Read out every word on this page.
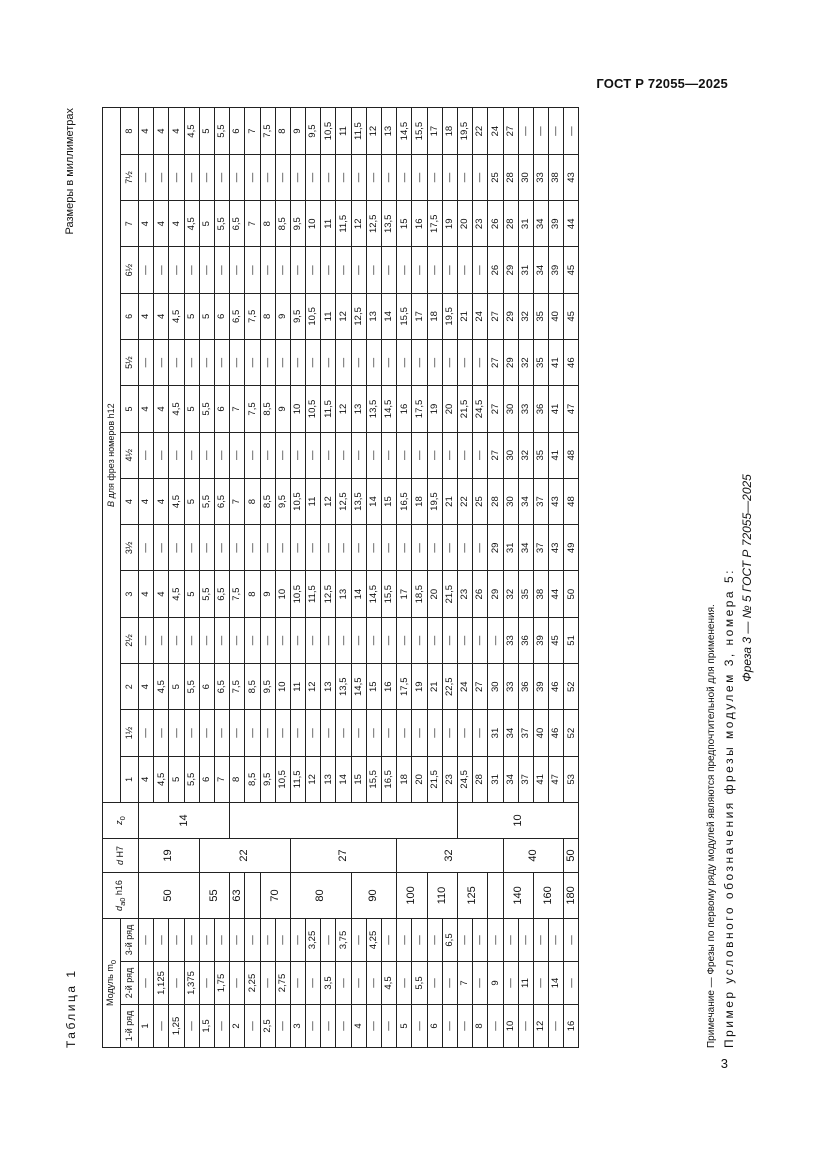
ГОСТ Р 72055—2025
Таблица 1
Размеры в миллиметрах
Модуль $m_0$			$d_{a0}$ h16	d H7	$z_0$	B для фрез номеров h12														
1-й ряд	2-й ряд	3-й ряд				1	1½	2	2½	3	3½	4	4½	5	5½	6	6½	7	7½	8

1	—	—	50	19	14	4	—	4	—	4	—	4	—	4	—	4	—	4	—	4
—	1,125	—				4,5	—	4,5	—	4	—	4	—	4	—	4	—	4	—	4
1,25	—	—				5	—	5	—	4,5	—	4,5	—	4,5	—	4,5	—	4	—	4
—	1,375	—				5,5	—	5,5	—	5	—	5	—	5	—	5	—	4,5	—	4,5
1,5	—	—	55	22		6	—	6	—	5,5	—	5,5	—	5,5	—	5	—	5	—	5
—	1,75	—				7	—	6,5	—	6,5	—	6,5	—	6	—	6	—	5,5	—	5,5
2	—	—	63			8	—	7,5	—	7,5	—	7	—	7	—	6,5	—	6,5	—	6
—	2,25	—				8,5	—	8,5	—	8	—	8	—	7,5	—	7,5	—	7	—	7
2,5	—	—	70			9,5	—	9,5	—	9	—	8,5	—	8,5	—	8	—	8	—	7,5
—	2,75	—				10,5	—	10	—	10	—	9,5	—	9	—	9	—	8,5	—	8
3	—	—	80	27		11,5	—	11	—	10,5	—	10,5	—	10	—	9,5	—	9,5	—	9
—	—	3,25				12	—	12	—	11,5	—	11	—	10,5	—	10,5	—	10	—	9,5
—	3,5	—				13	—	13	—	12,5	—	12	—	11,5	—	11	—	11	—	10,5
—	—	3,75				14	—	13,5	—	13	—	12,5	—	12	—	12	—	11,5	—	11
4	—	—	90			15	—	14,5	—	14	—	13,5	—	13	—	12,5	—	12	—	11,5
—	—	4,25				15,5	—	15	—	14,5	—	14	—	13,5	—	13	—	12,5	—	12
—	4,5	—				16,5	—	16	—	15,5	—	15	—	14,5	—	14	—	13,5	—	13
5	—	—	100	32		18	—	17,5	—	17	—	16,5	—	16	—	15,5	—	15	—	14,5
—	5,5	—				20	—	19	—	18,5	—	18	—	17,5	—	17	—	16	—	15,5
6	—	—	110			21,5	—	21	—	20	—	19,5	—	19	—	18	—	17,5	—	17
—	—	6,5				23	—	22,5	—	21,5	—	21	—	20	—	19,5	—	19	—	18
—	7	—	125		10	24,5	—	24	—	23	—	22	—	21,5	—	21	—	20	—	19,5
8	—	—				28	—	27	—	26	—	25	—	24,5	—	24	—	23	—	22
—	9	—				31	31	30	—	29	29	28	27	27	27	27	26	26	25	24
10	—	—	140	40		34	34	33	33	32	31	30	30	30	29	29	29	28	28	27
—	11	—				37	37	36	36	35	34	34	32	33	32	32	31	31	30	—
12	—	—	160			41	40	39	39	38	37	37	35	36	35	35	34	34	33	—
—	14	—				47	46	46	45	44	43	43	41	41	41	40	39	39	38	—
16	—	—	180	50		53	52	52	51	50	49	48	48	47	46	45	45	44	43	—
Примечание — Фрезы по первому ряду модулей являются предпочтительной для применения. Пример условного обозначения фрезы модулем 3, номера 5: Фреза 3 — № 5 ГОСТ Р 72055—2025
3
